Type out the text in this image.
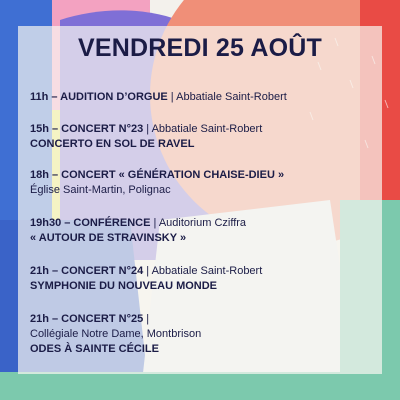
VENDREDI 25 AOÛT
11h – AUDITION D’ORGUE | Abbatiale Saint-Robert
15h – CONCERT N°23 | Abbatiale Saint-Robert
CONCERTO EN SOL DE RAVEL
18h – CONCERT « GÉNÉRATION CHAISE-DIEU »
Église Saint-Martin, Polignac
19h30 – CONFÉRENCE | Auditorium Cziffra
« AUTOUR DE STRAVINSKY »
21h – CONCERT N°24 | Abbatiale Saint-Robert
SYMPHONIE DU NOUVEAU MONDE
21h – CONCERT N°25 |
Collégiale Notre Dame, Montbrison
ODES À SAINTE CÉCILE
